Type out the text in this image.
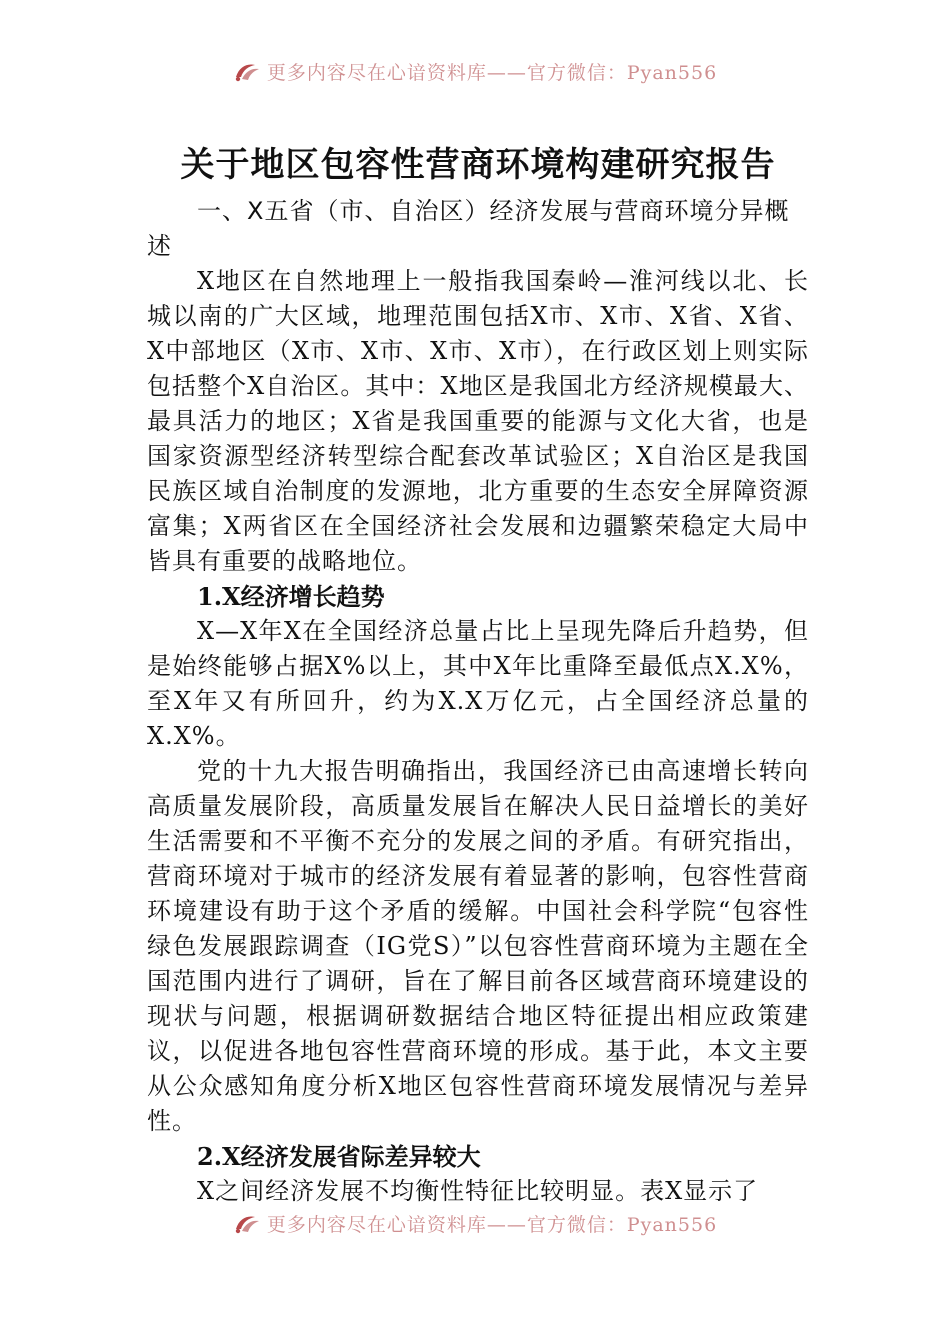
更多内容尽在心谙资料库——官方微信：Pyan556
关于地区包容性营商环境构建研究报告

一、X五省（市、自治区）经济发展与营商环境分异概述

X地区在自然地理上一般指我国秦岭—淮河线以北、长城以南的广大区域，地理范围包括X市、X市、X省、X省、X中部地区（X市、X市、X市、X市），在行政区划上则实际包括整个X自治区。其中：X地区是我国北方经济规模最大、最具活力的地区；X省是我国重要的能源与文化大省，也是国家资源型经济转型综合配套改革试验区；X自治区是我国民族区域自治制度的发源地，北方重要的生态安全屏障资源富集；X两省区在全国经济社会发展和边疆繁荣稳定大局中皆具有重要的战略地位。

1.X经济增长趋势

X—X年X在全国经济总量占比上呈现先降后升趋势，但是始终能够占据X%以上，其中X年比重降至最低点X.X%，至X年又有所回升，约为X.X万亿元，占全国经济总量的X.X%。

党的十九大报告明确指出，我国经济已由高速增长转向高质量发展阶段，高质量发展旨在解决人民日益增长的美好生活需要和不平衡不充分的发展之间的矛盾。有研究指出，营商环境对于城市的经济发展有着显著的影响，包容性营商环境建设有助于这个矛盾的缓解。中国社会科学院“包容性绿色发展跟踪调查（IG党S）”以包容性营商环境为主题在全国范围内进行了调研，旨在了解目前各区域营商环境建设的现状与问题，根据调研数据结合地区特征提出相应政策建议，以促进各地包容性营商环境的形成。基于此，本文主要从公众感知角度分析X地区包容性营商环境发展情况与差异性。

2.X经济发展省际差异较大

X之间经济发展不均衡性特征比较明显。表X显示了

更多内容尽在心谙资料库——官方微信：Pyan556
